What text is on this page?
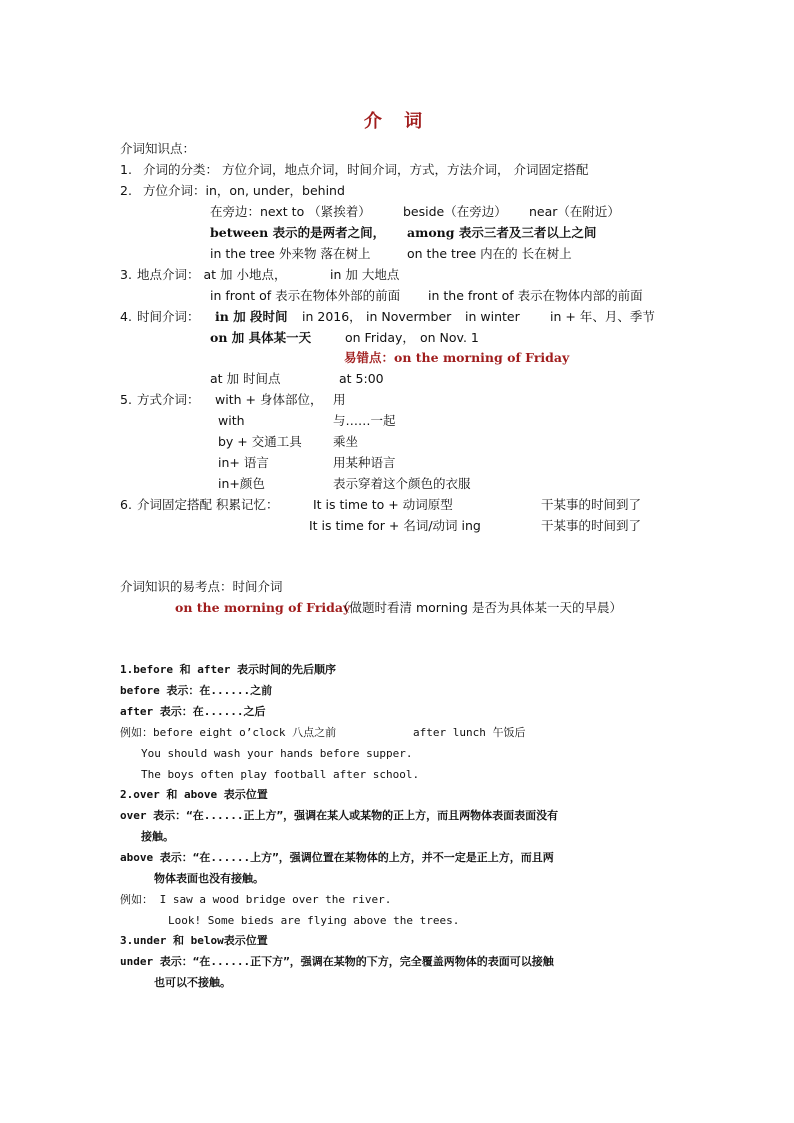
介 词
介词知识点：
1. 介词的分类： 方位介词，地点介词，时间介词，方式，方法介词， 介词固定搭配
2. 方位介词：in，on, under，behind
在旁边：next to （紧挨着）	beside（在旁边） near（在附近）
between 表示的是两者之间， among 表示三者及三者以上之间
in the tree 外来物 落在树上	on the tree 内在的 长在树上
3. 地点介词： at 加 小地点，	in 加 大地点
in front of 表示在物体外部的前面 in the front of 表示在物体内部的前面
4. 时间介词： in 加 段时间 in 2016， in Novermber in winter in + 年、月、季节
on 加 具体某一天	on Friday， on Nov. 1
易错点：on the morning of Friday
at 加 时间点	at 5:00
5. 方式介词： with + 身体部位， 用
with	与……一起
by + 交通工具 乘坐
in+ 语言	用某种语言
in+颜色	表示穿着这个颜色的衣服
6. 介词固定搭配 积累记忆：	It is time to + 动词原型	干某事的时间到了
It is time for + 名词/动词 ing	干某事的时间到了
介词知识的易考点：时间介词
on the morning of Friday
（做题时看清 morning 是否为具体某一天的早晨）
1.before 和 after 表示时间的先后顺序
before 表示：在......之前
after 表示：在......之后
例如：before eight o’clock 八点之前	after lunch 午饭后
You should wash your hands before supper.
The boys often play football after school.
2.over 和 above 表示位置
over 表示：“在......正上方”，强调在某人或某物的正上方，而且两物体表面表面没有
接触。
above 表示：“在......上方”，强调位置在某物体的上方，并不一定是正上方，而且两
物体表面也没有接触。
例如： I saw a wood bridge over the river.
Look! Some bieds are flying above the trees.
3.under 和 below表示位置
under 表示：“在......正下方”，强调在某物的下方，完全覆盖两物体的表面可以接触
也可以不接触。
